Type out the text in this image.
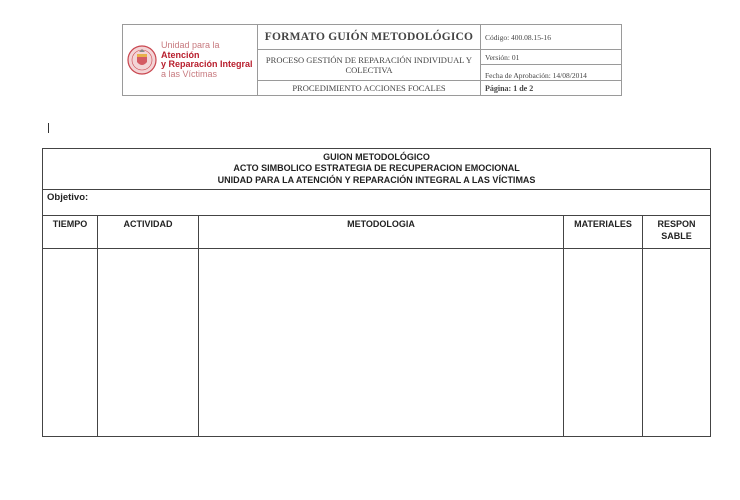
Unidad para la Atención
y Reparación Integral
a las Víctimas	FORMATO GUIÓN METODOLÓGICO	Código: 400.08.15-16
	PROCESO GESTIÓN DE REPARACIÓN INDIVIDUAL Y COLECTIVA	Versión: 01
Fecha de Aprobación: 14/08/2014

	PROCEDIMIENTO ACCIONES FOCALES	Página: 1 de 2
GUION METODOLÓGICO
ACTO SIMBOLICO ESTRATEGIA DE RECUPERACION EMOCIONAL
UNIDAD PARA LA ATENCIÓN Y REPARACIÓN INTEGRAL A LAS VÍCTIMAS				

Objetivo:				

TIEMPO	ACTIVIDAD	METODOLOGIA	MATERIALES	RESPON
SABLE
